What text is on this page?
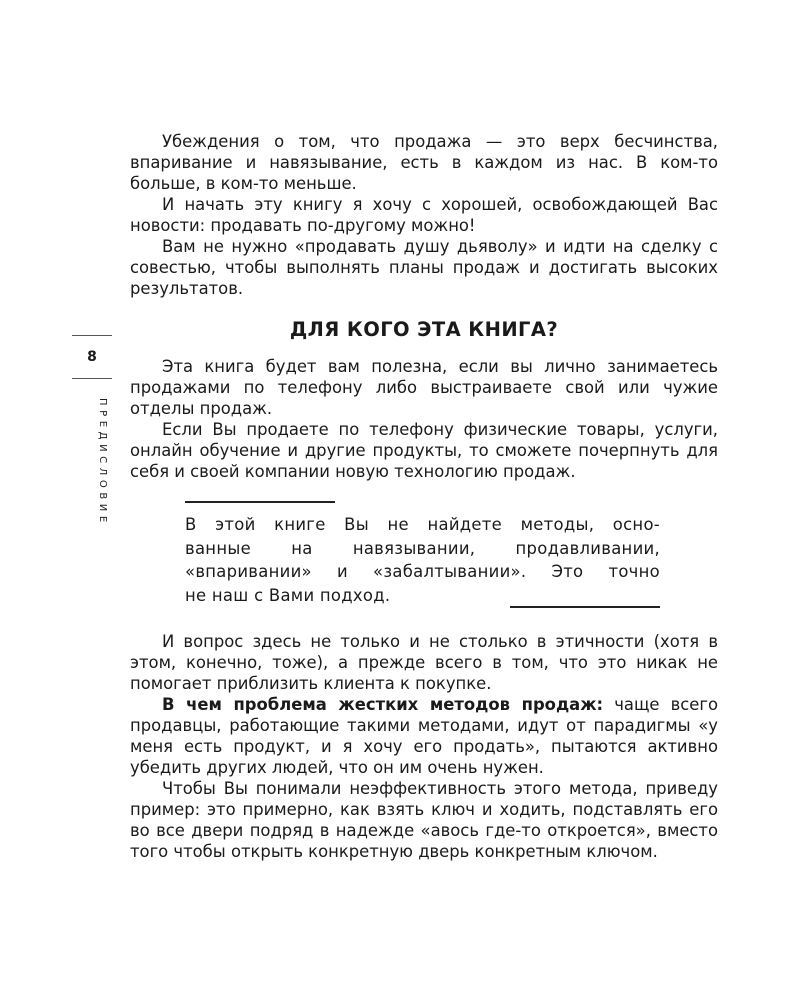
8

ПРЕДИСЛОВИЕ

Убеждения о том, что продажа — это верх бесчинства, впаривание и навязывание, есть в каждом из нас. В ком-то больше, в ком-то меньше.

И начать эту книгу я хочу с хорошей, освобождающей Вас новости: продавать по-другому можно!

Вам не нужно «продавать душу дьяволу» и идти на сделку с совестью, чтобы выполнять планы продаж и достигать высоких результатов.

ДЛЯ КОГО ЭТА КНИГА?

Эта книга будет вам полезна, если вы лично занимаетесь продажами по телефону либо выстраиваете свой или чужие отделы продаж.

Если Вы продаете по телефону физические товары, услуги, онлайн обучение и другие продукты, то сможете почерпнуть для себя и своей компании новую технологию продаж.

В этой книге Вы не найдете методы, осно-
ванные на навязывании, продавливании,
«впаривании» и «забалтывании». Это точно
не наш с Вами подход.

И вопрос здесь не только и не столько в этичности (хотя в этом, конечно, тоже), а прежде всего в том, что это никак не помогает приблизить клиента к покупке.

В чем проблема жестких методов продаж: чаще всего продавцы, работающие такими методами, идут от парадигмы «у меня есть продукт, и я хочу его продать», пытаются активно убедить других людей, что он им очень нужен.

Чтобы Вы понимали неэффективность этого метода, приведу пример: это примерно, как взять ключ и ходить, подставлять его во все двери подряд в надежде «авось где-то откроется», вместо того чтобы открыть конкретную дверь конкретным ключом.
